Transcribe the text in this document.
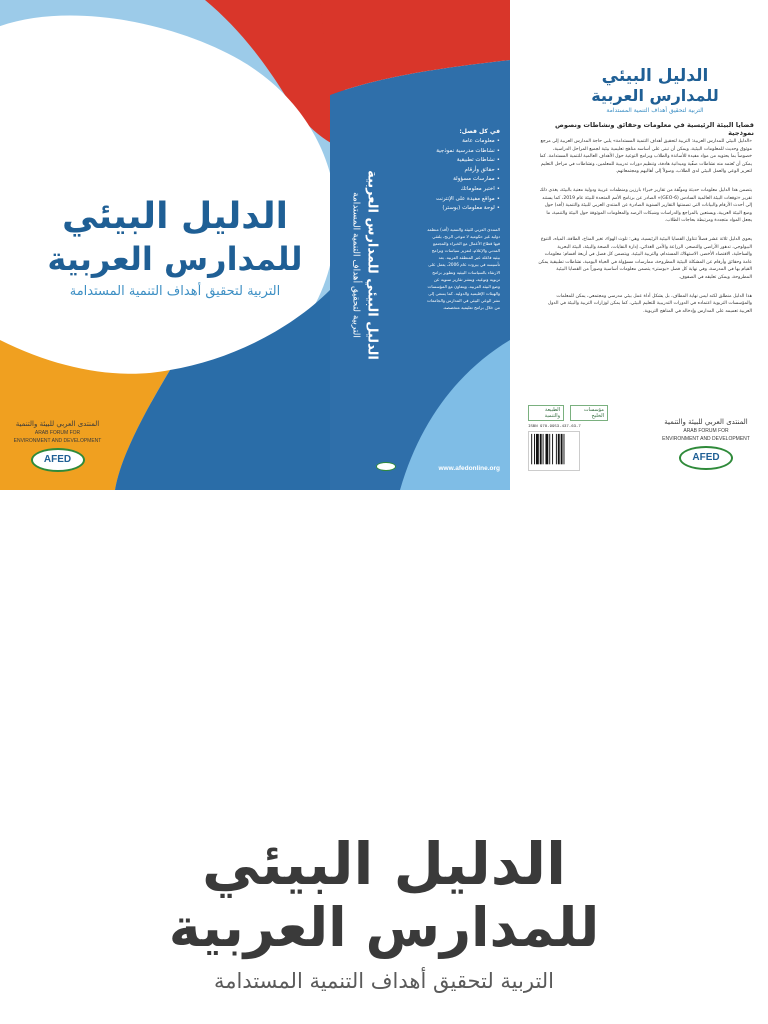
الدليل البيئي
للمدارس العربية
التربية لتحقيق أهداف التنمية المستدامة
المنتدى العربي للبيئة والتنمية
ARAB FORUM FOR
ENVIRONMENT AND DEVELOPMENT
AFED
الدليل البيئي للمدارس العربية
التربية لتحقيق أهداف التنمية المستدامة
في كل فصل:
• معلومات عامة
• نشاطات مدرسية نموذجية
• نشاطات تطبيقية
• حقائق وأرقام
• ممارسات مسؤولة
• اختبر معلوماتك
• مواقع مفيدة على الإنترنت
• لوحة معلومات (بوستر)

المنتدى العربي للبيئة والتنمية (أفد) منظمة دولية غير حكومية لا تتوخى الربح، يلتقي فيها قطاع الأعمال مع الخبراء والمجتمع المدني والإعلام، لتعزيز سياسات وبرامج بيئية فاعلة عبر المنطقة العربية. بعد تأسيسه في بيروت عام 2006، يعمل على الارتقاء بالسياسات البيئية وتطوير برامج تربوية وتوعية، وينشر تقارير سنوية عن وضع البيئة العربية، ويتعاون مع المؤسسات والهيئات الإقليمية والدولية. كما يسعى إلى نشر الوعي البيئي في المدارس والجامعات من خلال برامج تعليمية متخصصة.

www.afedonline.org
الدليل البيئي
للمدارس العربية
التربية لتحقيق أهداف التنمية المستدامة
قضايا البيئة الرئيسية في معلومات وحقائق ونشاطات ونصوص نموذجية

«الدليل البيئي للمدارس العربية: التربية لتحقيق أهداف التنمية المستدامة» يلبي حاجة المدارس العربية إلى مرجع موثوق وحديث للمعلومات البيئية، ويمكن أن تبنى على أساسه مناهج تعليمية بيئية لجميع المراحل الدراسية، خصوصاً بما يحتويه من مواد مفيدة للأساتذة والطلاب وبرامج التوعية حول الأهداف العالمية للتنمية المستدامة. كما يمكن أن تُعتمد منه نشاطات صفّية وميدانية هادفة، وتنظيم دورات تدريبية للمعلمين، ونشاطات في مراحل التعليم لتعزيز الوعي والعمل البيئي لدى الطلاب، وصولاً إلى أهاليهم ومجتمعاتهم.

يتضمن هذا الدليل معلومات حديثة وموثّقة من تقارير خبراء بارزين ومنظمات عربية ودولية معنية بالبيئة، يغذي ذلك تقرير «توقعات البيئة العالمية السادس (GEO-6)» الصادر عن برنامج الأمم المتحدة للبيئة عام 2019، كما يستند إلى أحدث الأرقام والبيانات التي تضمنتها التقارير السنوية الصادرة عن المنتدى العربي للبيئة والتنمية (أفد) حول وضع البيئة العربية، ويستعين بالمراجع والدراسات وشبكات الرصد والمعلومات الموثوقة حول البيئة والتنمية، ما يجعل المواد متجددة ومرتبطة بحاجات الطلاب.

يحوي الدليل ثلاثة عشر فصلاً تتناول القضايا البيئية الرئيسية، وهي: تلوث الهواء، تغير المناخ، الطاقة، المياه، التنوع البيولوجي، تدهور الأراضي والتصحر، الزراعة والأمن الغذائي، إدارة النفايات، الصحة والبيئة، البيئة البحرية والساحلية، الاقتصاد الأخضر، الاستهلاك المستدام، والتربية البيئية. ويتضمن كل فصل في أربعة أقسام: معلومات عامة وحقائق وأرقام عن المشكلة البيئية المطروحة، ممارسات مسؤولة في الحياة اليومية، نشاطات تطبيقية يمكن القيام بها في المدرسة، وفي نهاية كل فصل «بوستر» يتضمن معلومات أساسية وصوراً من القضايا البيئية المطروحة، ويمكن تعليقه في الصفوف.

هذا الدليل منطلق لكنه ليس نهاية المطاف، بل يشكل أداة عمل بيئي مدرسي ومجتمعي، يمكن للمعلمات والمؤسسات التربوية اعتماده في الدورات التدريبية للتعليم البيئي، كما يمكن لوزارات التربية والبيئة في الدول العربية تعميمه على المدارس وإدخاله في المناهج التربوية.

الطبيعة والتنمية
مؤسسات الخليج
ISBN 978-9953-437-63-7
المنتدى العربي للبيئة والتنمية
ARAB FORUM FOR
ENVIRONMENT AND DEVELOPMENT
AFED
الدليل البيئي
للمدارس العربية
التربية لتحقيق أهداف التنمية المستدامة
